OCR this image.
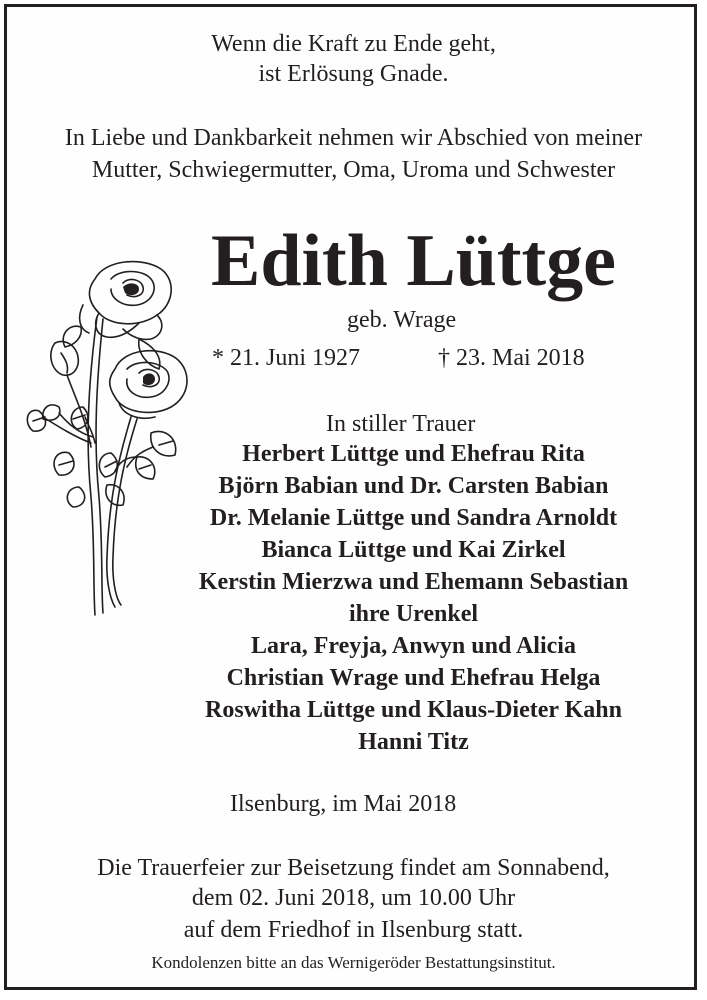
Wenn die Kraft zu Ende geht,
ist Erlösung Gnade.
In Liebe und Dankbarkeit nehmen wir Abschied von meiner
Mutter, Schwiegermutter, Oma, Uroma und Schwester
Edith Lüttge
geb. Wrage
* 21. Juni 1927	† 23. Mai 2018
In stiller Trauer
Herbert Lüttge und Ehefrau Rita
Björn Babian und Dr. Carsten Babian
Dr. Melanie Lüttge und Sandra Arnoldt
Bianca Lüttge und Kai Zirkel
Kerstin Mierzwa und Ehemann Sebastian
ihre Urenkel
Lara, Freyja, Anwyn und Alicia
Christian Wrage und Ehefrau Helga
Roswitha Lüttge und Klaus-Dieter Kahn
Hanni Titz
Ilsenburg, im Mai 2018
Die Trauerfeier zur Beisetzung findet am Sonnabend,
dem 02. Juni 2018, um 10.00 Uhr
auf dem Friedhof in Ilsenburg statt.
Kondolenzen bitte an das Wernigeröder Bestattungsinstitut.
